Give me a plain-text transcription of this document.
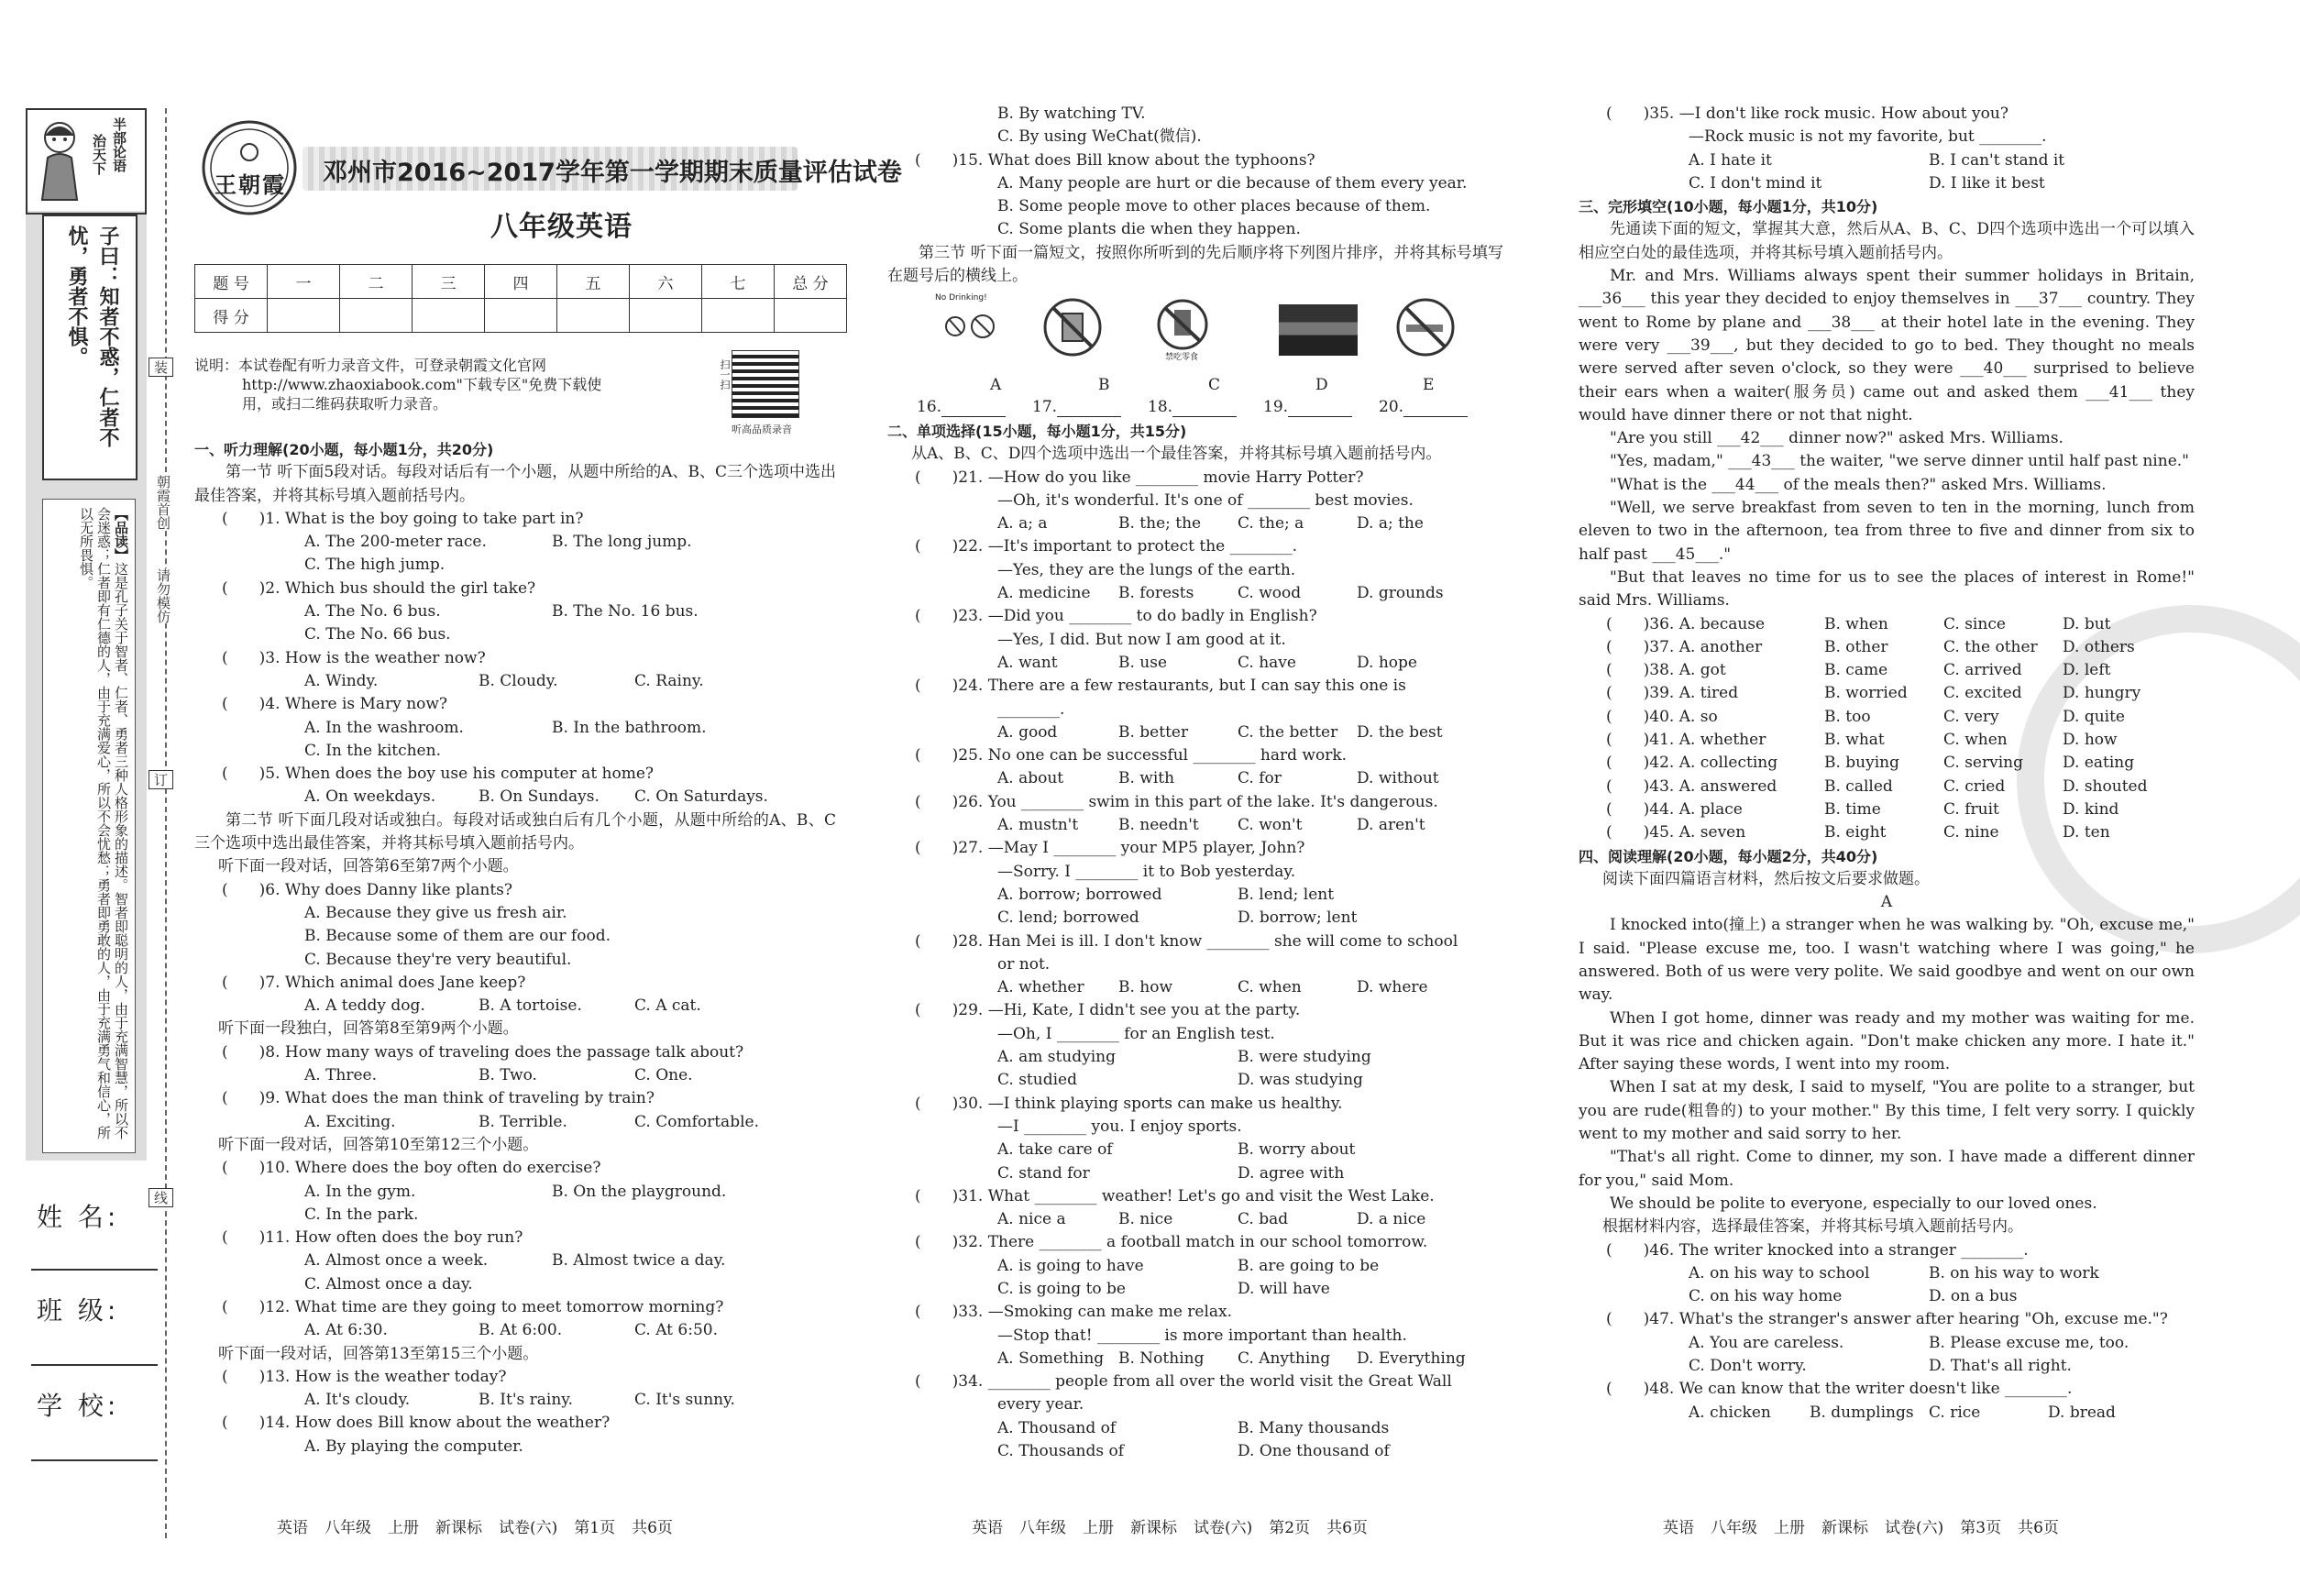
半部论语
治天下
子曰：知者不惑，仁者不忧，勇者不惧。
【品读】这是孔子关于智者、仁者、勇者三种人格形象的描述。智者即聪明的人，由于充满智慧，所以不会迷惑；仁者即有仁德的人，由于充满爱心，所以不会忧愁；勇者即勇敢的人，由于充满勇气和信心，所以无所畏惧。
姓 名:
班 级:
学 校:
装
订
线
朝霞首创
请勿模仿
王朝霞 邓州市2016~2017学年第一学期期末质量评估试卷
八年级英语
题 号	一	二	三	四	五	六	七	总 分
得 分								
说明：本试卷配有听力录音文件，可登录朝霞文化官网
http://www.zhaoxiabook.com"下载专区"免费下载使
用，或扫二维码获取听力录音。
扫一扫
听高品质录音

一、听力理解(20小题，每小题1分，共20分)

第一节 听下面5段对话。每段对话后有一个小题，从题中所给的A、B、C三个选项中选出最佳答案，并将其标号填入题前括号内。

(　　)1. What is the boy going to take part in?

A. The 200-meter race.	B. The long jump.

C. The high jump.

(　　)2. Which bus should the girl take?

A. The No. 6 bus.	B. The No. 16 bus.

C. The No. 66 bus.

(　　)3. How is the weather now?

A. Windy.	B. Cloudy.	C. Rainy.

(　　)4. Where is Mary now?

A. In the washroom.	B. In the bathroom.

C. In the kitchen.

(　　)5. When does the boy use his computer at home?

A. On weekdays.	B. On Sundays.	C. On Saturdays.

第二节 听下面几段对话或独白。每段对话或独白后有几个小题，从题中所给的A、B、C三个选项中选出最佳答案，并将其标号填入题前括号内。

听下面一段对话，回答第6至第7两个小题。

(　　)6. Why does Danny like plants?

A. Because they give us fresh air.

B. Because some of them are our food.

C. Because they're very beautiful.

(　　)7. Which animal does Jane keep?

A. A teddy dog.	B. A tortoise.	C. A cat.

听下面一段独白，回答第8至第9两个小题。

(　　)8. How many ways of traveling does the passage talk about?

A. Three.	B. Two.	C. One.

(　　)9. What does the man think of traveling by train?

A. Exciting.	B. Terrible.	C. Comfortable.

听下面一段对话，回答第10至第12三个小题。

(　　)10. Where does the boy often do exercise?

A. In the gym.	B. On the playground.

C. In the park.

(　　)11. How often does the boy run?

A. Almost once a week.	B. Almost twice a day.

C. Almost once a day.

(　　)12. What time are they going to meet tomorrow morning?

A. At 6:30.	B. At 6:00.	C. At 6:50.

听下面一段对话，回答第13至第15三个小题。

(　　)13. How is the weather today?

A. It's cloudy.	B. It's rainy.	C. It's sunny.

(　　)14. How does Bill know about the weather?

A. By playing the computer.

B. By watching TV.

C. By using WeChat(微信).

(　　)15. What does Bill know about the typhoons?

A. Many people are hurt or die because of them every year.

B. Some people move to other places because of them.

C. Some plants die when they happen.

第三节 听下面一篇短文，按照你所听到的先后顺序将下列图片排序，并将其标号填写在题号后的横线上。

No Drinking!
禁吃零食
A	B	C	D	E
16.	17.	18.	19.	20.

二、单项选择(15小题，每小题1分，共15分)

从A、B、C、D四个选项中选出一个最佳答案，并将其标号填入题前括号内。

(　　)21. —How do you like ________ movie Harry Potter?

—Oh, it's wonderful. It's one of ________ best movies.

A. a; a	B. the; the	C. the; a	D. a; the

(　　)22. —It's important to protect the ________.

—Yes, they are the lungs of the earth.

A. medicine	B. forests	C. wood	D. grounds

(　　)23. —Did you ________ to do badly in English?

—Yes, I did. But now I am good at it.

A. want	B. use	C. have	D. hope

(　　)24. There are a few restaurants, but I can say this one is

________.

A. good	B. better	C. the better	D. the best

(　　)25. No one can be successful ________ hard work.

A. about	B. with	C. for	D. without

(　　)26. You ________ swim in this part of the lake. It's dangerous.

A. mustn't	B. needn't	C. won't	D. aren't

(　　)27. —May I ________ your MP5 player, John?

—Sorry. I ________ it to Bob yesterday.

A. borrow; borrowed	B. lend; lent

C. lend; borrowed	D. borrow; lent

(　　)28. Han Mei is ill. I don't know ________ she will come to school

or not.

A. whether	B. how	C. when	D. where

(　　)29. —Hi, Kate, I didn't see you at the party.

—Oh, I ________ for an English test.

A. am studying	B. were studying

C. studied	D. was studying

(　　)30. —I think playing sports can make us healthy.

—I ________ you. I enjoy sports.

A. take care of	B. worry about

C. stand for	D. agree with

(　　)31. What ________ weather! Let's go and visit the West Lake.

A. nice a	B. nice	C. bad	D. a nice

(　　)32. There ________ a football match in our school tomorrow.

A. is going to have	B. are going to be

C. is going to be	D. will have

(　　)33. —Smoking can make me relax.

—Stop that! ________ is more important than health.

A. Something B. Nothing	C. Anything	D. Everything

(　　)34. ________ people from all over the world visit the Great Wall

every year.

A. Thousand of	B. Many thousands

C. Thousands of	D. One thousand of

(　　)35. —I don't like rock music. How about you?

—Rock music is not my favorite, but ________.

A. I hate it	B. I can't stand it

C. I don't mind it	D. I like it best

三、完形填空(10小题，每小题1分，共10分)

先通读下面的短文，掌握其大意，然后从A、B、C、D四个选项中选出一个可以填入相应空白处的最佳选项，并将其标号填入题前括号内。

Mr. and Mrs. Williams always spent their summer holidays in Britain, ___36___ this year they decided to enjoy themselves in ___37___ country. They went to Rome by plane and ___38___ at their hotel late in the evening. They were very ___39___, but they decided to go to bed. They thought no meals were served after seven o'clock, so they were ___40___ surprised to believe their ears when a waiter(服务员) came out and asked them ___41___ they would have dinner there or not that night.

"Are you still ___42___ dinner now?" asked Mrs. Williams.

"Yes, madam," ___43___ the waiter, "we serve dinner until half past nine."

"What is the ___44___ of the meals then?" asked Mrs. Williams.

"Well, we serve breakfast from seven to ten in the morning, lunch from eleven to two in the afternoon, tea from three to five and dinner from six to half past ___45___."

"But that leaves no time for us to see the places of interest in Rome!" said Mrs. Williams.

(　　)36. A. because	B. when	C. since	D. but

(　　)37. A. another	B. other	C. the other	D. others

(　　)38. A. got	B. came	C. arrived	D. left

(　　)39. A. tired	B. worried	C. excited	D. hungry

(　　)40. A. so	B. too	C. very	D. quite

(　　)41. A. whether	B. what	C. when	D. how

(　　)42. A. collecting	B. buying	C. serving	D. eating

(　　)43. A. answered	B. called	C. cried	D. shouted

(　　)44. A. place	B. time	C. fruit	D. kind

(　　)45. A. seven	B. eight	C. nine	D. ten

四、阅读理解(20小题，每小题2分，共40分)

阅读下面四篇语言材料，然后按文后要求做题。

A

I knocked into(撞上) a stranger when he was walking by. "Oh, excuse me," I said. "Please excuse me, too. I wasn't watching where I was going," he answered. Both of us were very polite. We said goodbye and went on our own way.

When I got home, dinner was ready and my mother was waiting for me. But it was rice and chicken again. "Don't make chicken any more. I hate it." After saying these words, I went into my room.

When I sat at my desk, I said to myself, "You are polite to a stranger, but you are rude(粗鲁的) to your mother." By this time, I felt very sorry. I quickly went to my mother and said sorry to her.

"That's all right. Come to dinner, my son. I have made a different dinner for you," said Mom.

We should be polite to everyone, especially to our loved ones.

根据材料内容，选择最佳答案，并将其标号填入题前括号内。

(　　)46. The writer knocked into a stranger ________.

A. on his way to school	B. on his way to work

C. on his way home	D. on a bus

(　　)47. What's the stranger's answer after hearing "Oh, excuse me."?

A. You are careless.	B. Please excuse me, too.

C. Don't worry.	D. That's all right.

(　　)48. We can know that the writer doesn't like ________.

A. chicken	B. dumplings C. rice	D. bread

英语 八年级 上册 新课标 试卷(六) 第1页 共6页	英语 八年级 上册 新课标 试卷(六) 第2页 共6页	英语 八年级 上册 新课标 试卷(六) 第3页 共6页
